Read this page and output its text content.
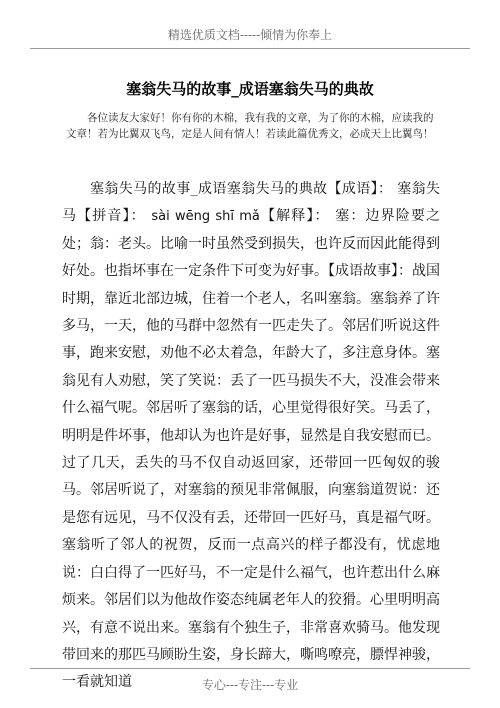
精选优质文档-----倾情为你奉上
塞翁失马的故事_成语塞翁失马的典故
各位读友大家好！你有你的木棉，我有我的文章，为了你的木棉，应读我的文章！若为比翼双飞鸟，定是人间有情人！若读此篇优秀文，必成天上比翼鸟！
塞翁失马的故事_成语塞翁失马的典故【成语】： 塞翁失马【拼音】： sài wēng shī mǎ【解释】： 塞：边界险要之处；翁：老头。比喻一时虽然受到损失，也许反而因此能得到好处。也指坏事在一定条件下可变为好事。【成语故事】：战国时期，靠近北部边城，住着一个老人，名叫塞翁。塞翁养了许多马，一天，他的马群中忽然有一匹走失了。邻居们听说这件事，跑来安慰，劝他不必太着急，年龄大了，多注意身体。塞翁见有人劝慰，笑了笑说：丢了一匹马损失不大，没准会带来什么福气呢。邻居听了塞翁的话，心里觉得很好笑。马丢了，明明是件坏事，他却认为也许是好事，显然是自我安慰而已。过了几天，丢失的马不仅自动返回家，还带回一匹匈奴的骏马。邻居听说了，对塞翁的预见非常佩服，向塞翁道贺说：还是您有远见，马不仅没有丢，还带回一匹好马，真是福气呀。塞翁听了邻人的祝贺，反而一点高兴的样子都没有，忧虑地说：白白得了一匹好马，不一定是什么福气，也许惹出什么麻烦来。邻居们以为他故作姿态纯属老年人的狡猾。心里明明高兴，有意不说出来。塞翁有个独生子，非常喜欢骑马。他发现带回来的那匹马顾盼生姿，身长蹄大，嘶鸣嘹亮，膘悍神骏，一看就知道	专心---专注---专业
